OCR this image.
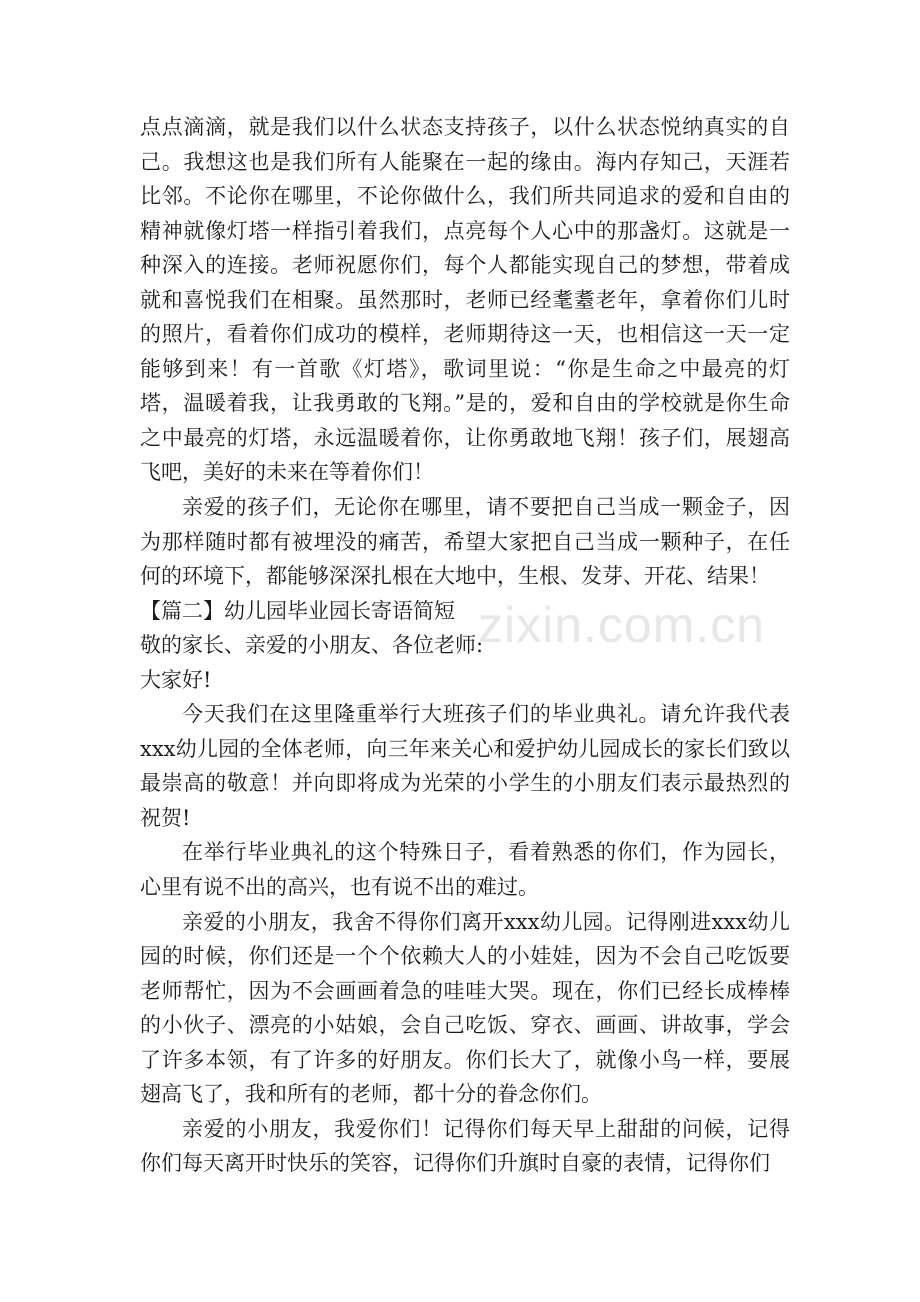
zixin.com.cn

点点滴滴，就是我们以什么状态支持孩子，以什么状态悦纳真实的自己。我想这也是我们所有人能聚在一起的缘由。海内存知己，天涯若比邻。不论你在哪里，不论你做什么，我们所共同追求的爱和自由的精神就像灯塔一样指引着我们，点亮每个人心中的那盏灯。这就是一种深入的连接。老师祝愿你们，每个人都能实现自己的梦想，带着成就和喜悦我们在相聚。虽然那时，老师已经耄耋老年，拿着你们儿时的照片，看着你们成功的模样，老师期待这一天，也相信这一天一定能够到来！有一首歌《灯塔》，歌词里说：“你是生命之中最亮的灯塔，温暖着我，让我勇敢的飞翔。”是的，爱和自由的学校就是你生命之中最亮的灯塔，永远温暖着你，让你勇敢地飞翔！孩子们，展翅高飞吧，美好的未来在等着你们！

亲爱的孩子们，无论你在哪里，请不要把自己当成一颗金子，因为那样随时都有被埋没的痛苦，希望大家把自己当成一颗种子，在任何的环境下，都能够深深扎根在大地中，生根、发芽、开花、结果！

【篇二】幼儿园毕业园长寄语简短

敬的家长、亲爱的小朋友、各位老师:

大家好!

今天我们在这里隆重举行大班孩子们的毕业典礼。请允许我代表xxx幼儿园的全体老师，向三年来关心和爱护幼儿园成长的家长们致以最崇高的敬意！并向即将成为光荣的小学生的小朋友们表示最热烈的祝贺!

在举行毕业典礼的这个特殊日子，看着熟悉的你们，作为园长，心里有说不出的高兴，也有说不出的难过。

亲爱的小朋友，我舍不得你们离开xxx幼儿园。记得刚进xxx幼儿园的时候，你们还是一个个依赖大人的小娃娃，因为不会自己吃饭要老师帮忙，因为不会画画着急的哇哇大哭。现在，你们已经长成棒棒的小伙子、漂亮的小姑娘，会自己吃饭、穿衣、画画、讲故事，学会了许多本领，有了许多的好朋友。你们长大了，就像小鸟一样，要展翅高飞了，我和所有的老师，都十分的眷念你们。

亲爱的小朋友，我爱你们！记得你们每天早上甜甜的问候，记得你们每天离开时快乐的笑容，记得你们升旗时自豪的表情，记得你们
